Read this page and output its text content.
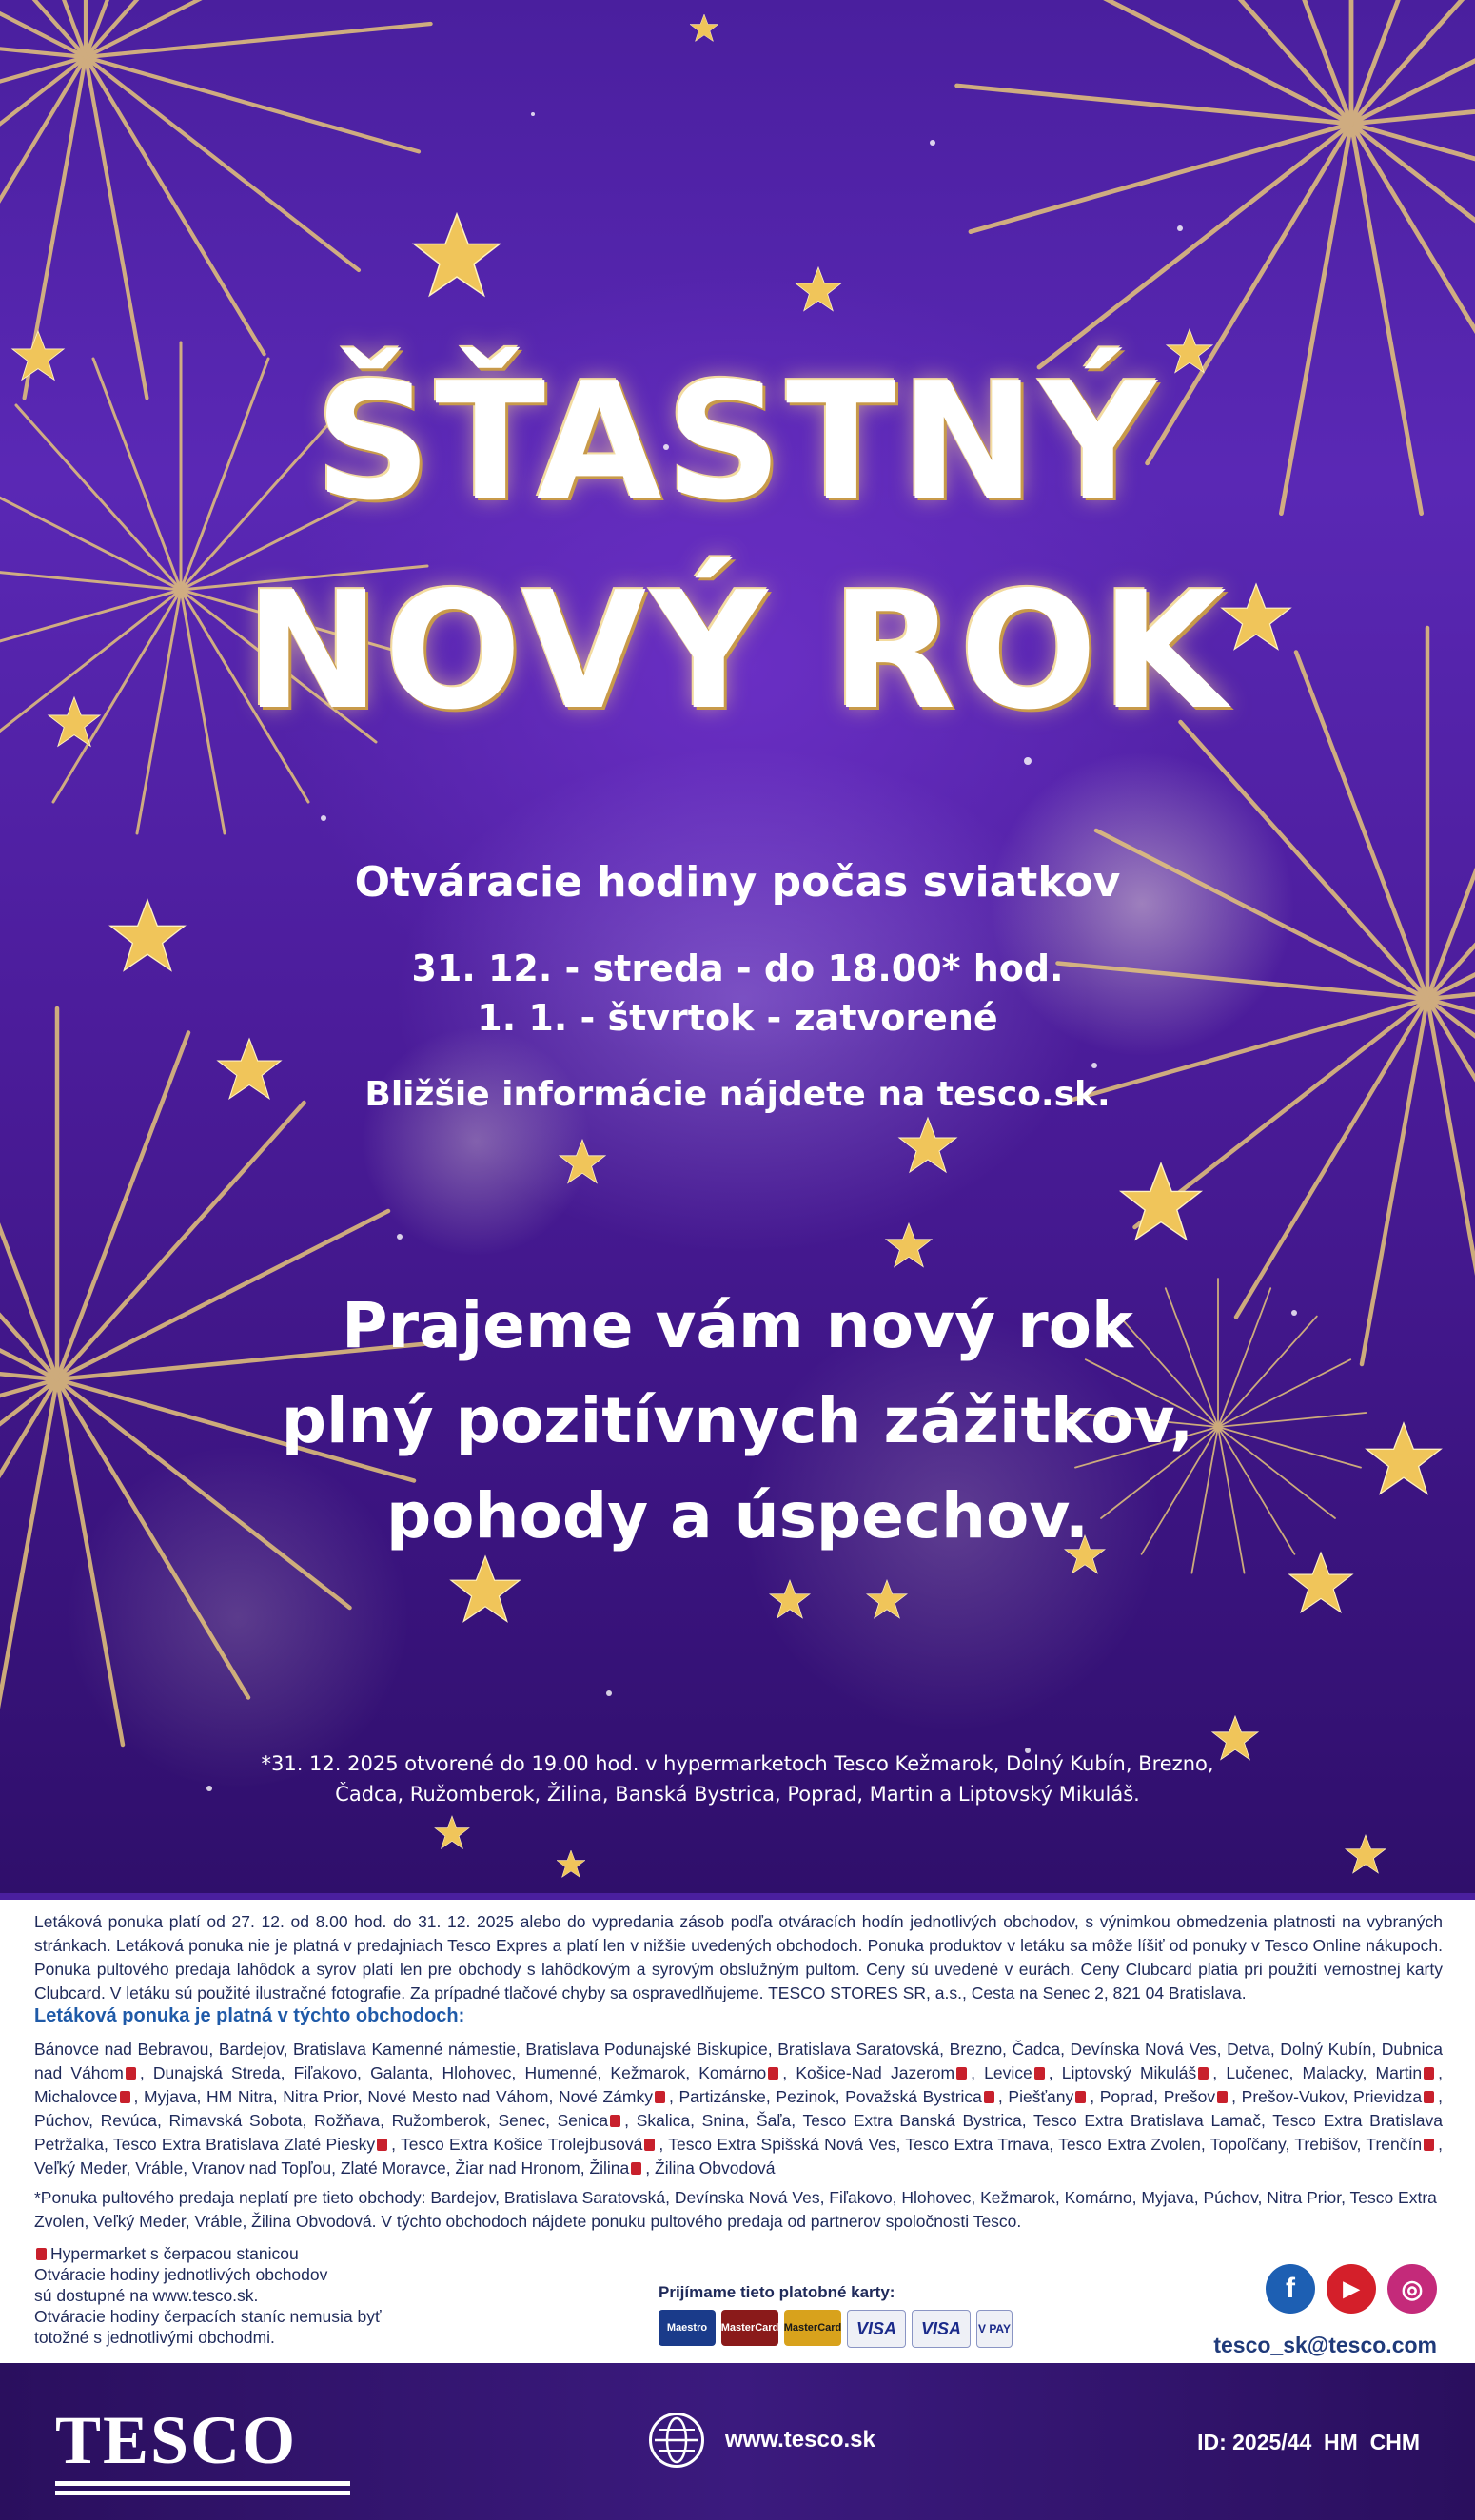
ŠŤASTNÝ
NOVÝ ROK
Otváracie hodiny počas sviatkov
31. 12. - streda - do 18.00* hod.
1. 1. - štvrtok - zatvorené
Bližšie informácie nájdete na tesco.sk.
Prajeme vám nový rok
plný pozitívnych zážitkov,
pohody a úspechov.
*31. 12. 2025 otvorené do 19.00 hod. v hypermarketoch Tesco Kežmarok, Dolný Kubín, Brezno,
Čadca, Ružomberok, Žilina, Banská Bystrica, Poprad, Martin a Liptovský Mikuláš.

Letáková ponuka platí od 27. 12. od 8.00 hod. do 31. 12. 2025 alebo do vypredania zásob podľa otváracích hodín jednotlivých obchodov, s výnimkou obmedzenia platnosti na vybraných stránkach. Letáková ponuka nie je platná v predajniach Tesco Expres a platí len v nižšie uvedených obchodoch. Ponuka produktov v letáku sa môže líšiť od ponuky v Tesco Online nákupoch. Ponuka pultového predaja lahôdok a syrov platí len pre obchody s lahôdkovým a syrovým obslužným pultom. Ceny sú uvedené v eurách. Ceny Clubcard platia pri použití vernostnej karty Clubcard. V letáku sú použité ilustračné fotografie. Za prípadné tlačové chyby sa ospravedlňujeme. TESCO STORES SR, a.s., Cesta na Senec 2, 821 04 Bratislava.

Letáková ponuka je platná v týchto obchodoch:

Bánovce nad Bebravou, Bardejov, Bratislava Kamenné námestie, Bratislava Podunajské Biskupice, Bratislava Saratovská, Brezno, Čadca, Devínska Nová Ves, Detva, Dolný Kubín, Dubnica nad Váhom , Dunajská Streda, Fiľakovo, Galanta, Hlohovec, Humenné, Kežmarok, Komárno , Košice-Nad Jazerom , Levice , Liptovský Mikuláš , Lučenec, Malacky, Martin , Michalovce , Myjava, HM Nitra, Nitra Prior, Nové Mesto nad Váhom, Nové Zámky , Partizánske, Pezinok, Považská Bystrica , Piešťany , Poprad, Prešov , Prešov-Vukov, Prievidza , Púchov, Revúca, Rimavská Sobota, Rožňava, Ružomberok, Senec, Senica , Skalica, Snina, Šaľa, Tesco Extra Banská Bystrica, Tesco Extra Bratislava Lamač, Tesco Extra Bratislava Petržalka, Tesco Extra Bratislava Zlaté Piesky , Tesco Extra Košice Trolejbusová , Tesco Extra Spišská Nová Ves, Tesco Extra Trnava, Tesco Extra Zvolen, Topoľčany, Trebišov, Trenčín , Veľký Meder, Vráble, Vranov nad Topľou, Zlaté Moravce, Žiar nad Hronom, Žilina , Žilina Obvodová

*Ponuka pultového predaja neplatí pre tieto obchody: Bardejov, Bratislava Saratovská, Devínska Nová Ves, Fiľakovo, Hlohovec, Kežmarok, Komárno, Myjava, Púchov, Nitra Prior, Tesco Extra Zvolen, Veľký Meder, Vráble, Žilina Obvodová. V týchto obchodoch nájdete ponuku pultového predaja od partnerov spoločnosti Tesco.

Hypermarket s čerpacou stanicou
Otváracie hodiny jednotlivých obchodov
sú dostupné na www.tesco.sk.
Otváracie hodiny čerpacích staníc nemusia byť
totožné s jednotlivými obchodmi.

Prijímame tieto platobné karty:
Maestro	MasterCard MasterCard VISA	VISA	V PAY
f	▶	◎
tesco_sk@tesco.com
TESCO	www.tesco.sk	ID: 2025/44_HM_CHM
